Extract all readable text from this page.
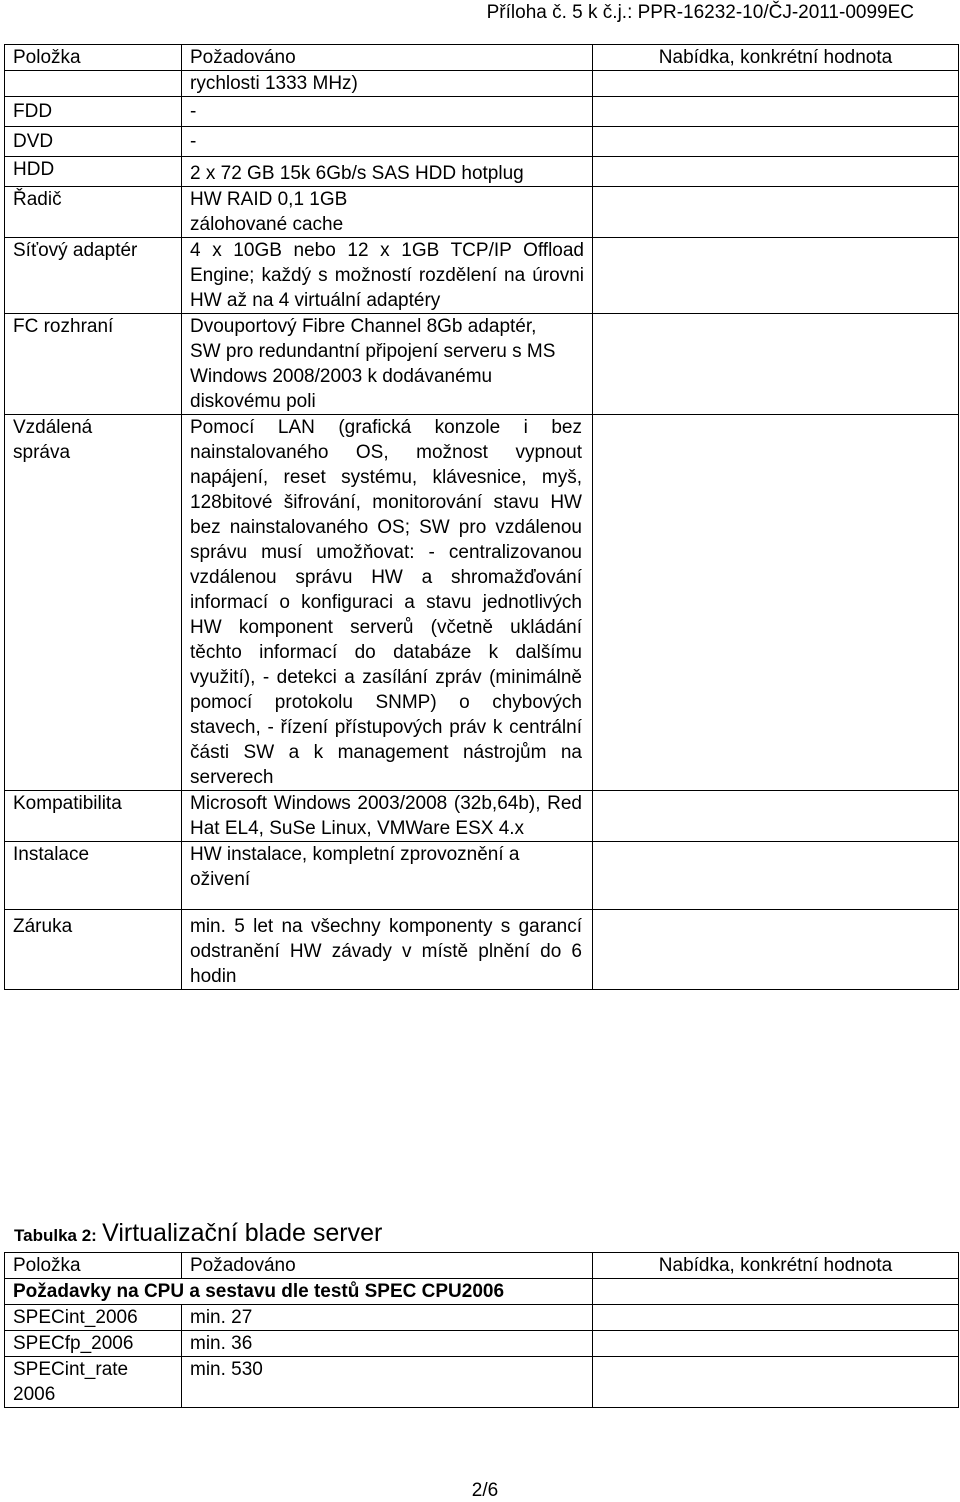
Příloha č. 5 k č.j.: PPR-16232-10/ČJ-2011-0099EC
Položka	Požadováno	Nabídka, konkrétní hodnota
	rychlosti 1333 MHz)	
FDD	-	
DVD	-	
HDD	2 x 72 GB 15k 6Gb/s SAS HDD hotplug	
Řadič	HW RAID 0,1 1GB zálohované cache	
Síťový adaptér	4 x 10GB nebo 12 x 1GB TCP/IP Offload Engine; každý s možností rozdělení na úrovni HW až na 4 virtuální adaptéry	
FC rozhraní	Dvouportový Fibre Channel 8Gb adaptér, SW pro redundantní připojení serveru s MS Windows 2008/2003 k dodávanému diskovému poli	
Vzdálená správa	Pomocí LAN (grafická konzole i bez nainstalovaného OS, možnost vypnout napájení, reset systému, klávesnice, myš, 128bitové šifrování, monitorování stavu HW bez nainstalovaného OS; SW pro vzdálenou správu musí umožňovat: - centralizovanou vzdálenou správu HW a shromažďování informací o konfiguraci a stavu jednotlivých HW komponent serverů (včetně ukládání těchto informací do databáze k dalšímu využití), - detekci a zasílání zpráv (minimálně pomocí protokolu SNMP) o chybových stavech, - řízení přístupových práv k centrální části SW a k management nástrojům na serverech	
Kompatibilita	Microsoft Windows 2003/2008 (32b,64b), Red Hat EL4, SuSe Linux, VMWare ESX 4.x	
Instalace	HW instalace, kompletní zprovoznění a oživení	
Záruka	min. 5 let na všechny komponenty s garancí odstranění HW závady v místě plnění do 6 hodin	
Tabulka 2: Virtualizační blade server
Položka	Požadováno	Nabídka, konkrétní hodnota
Požadavky na CPU a sestavu dle testů SPEC CPU2006		
SPECint_2006	min. 27	
SPECfp_2006	min. 36	
SPECint_rate 2006	min. 530	
2/6
